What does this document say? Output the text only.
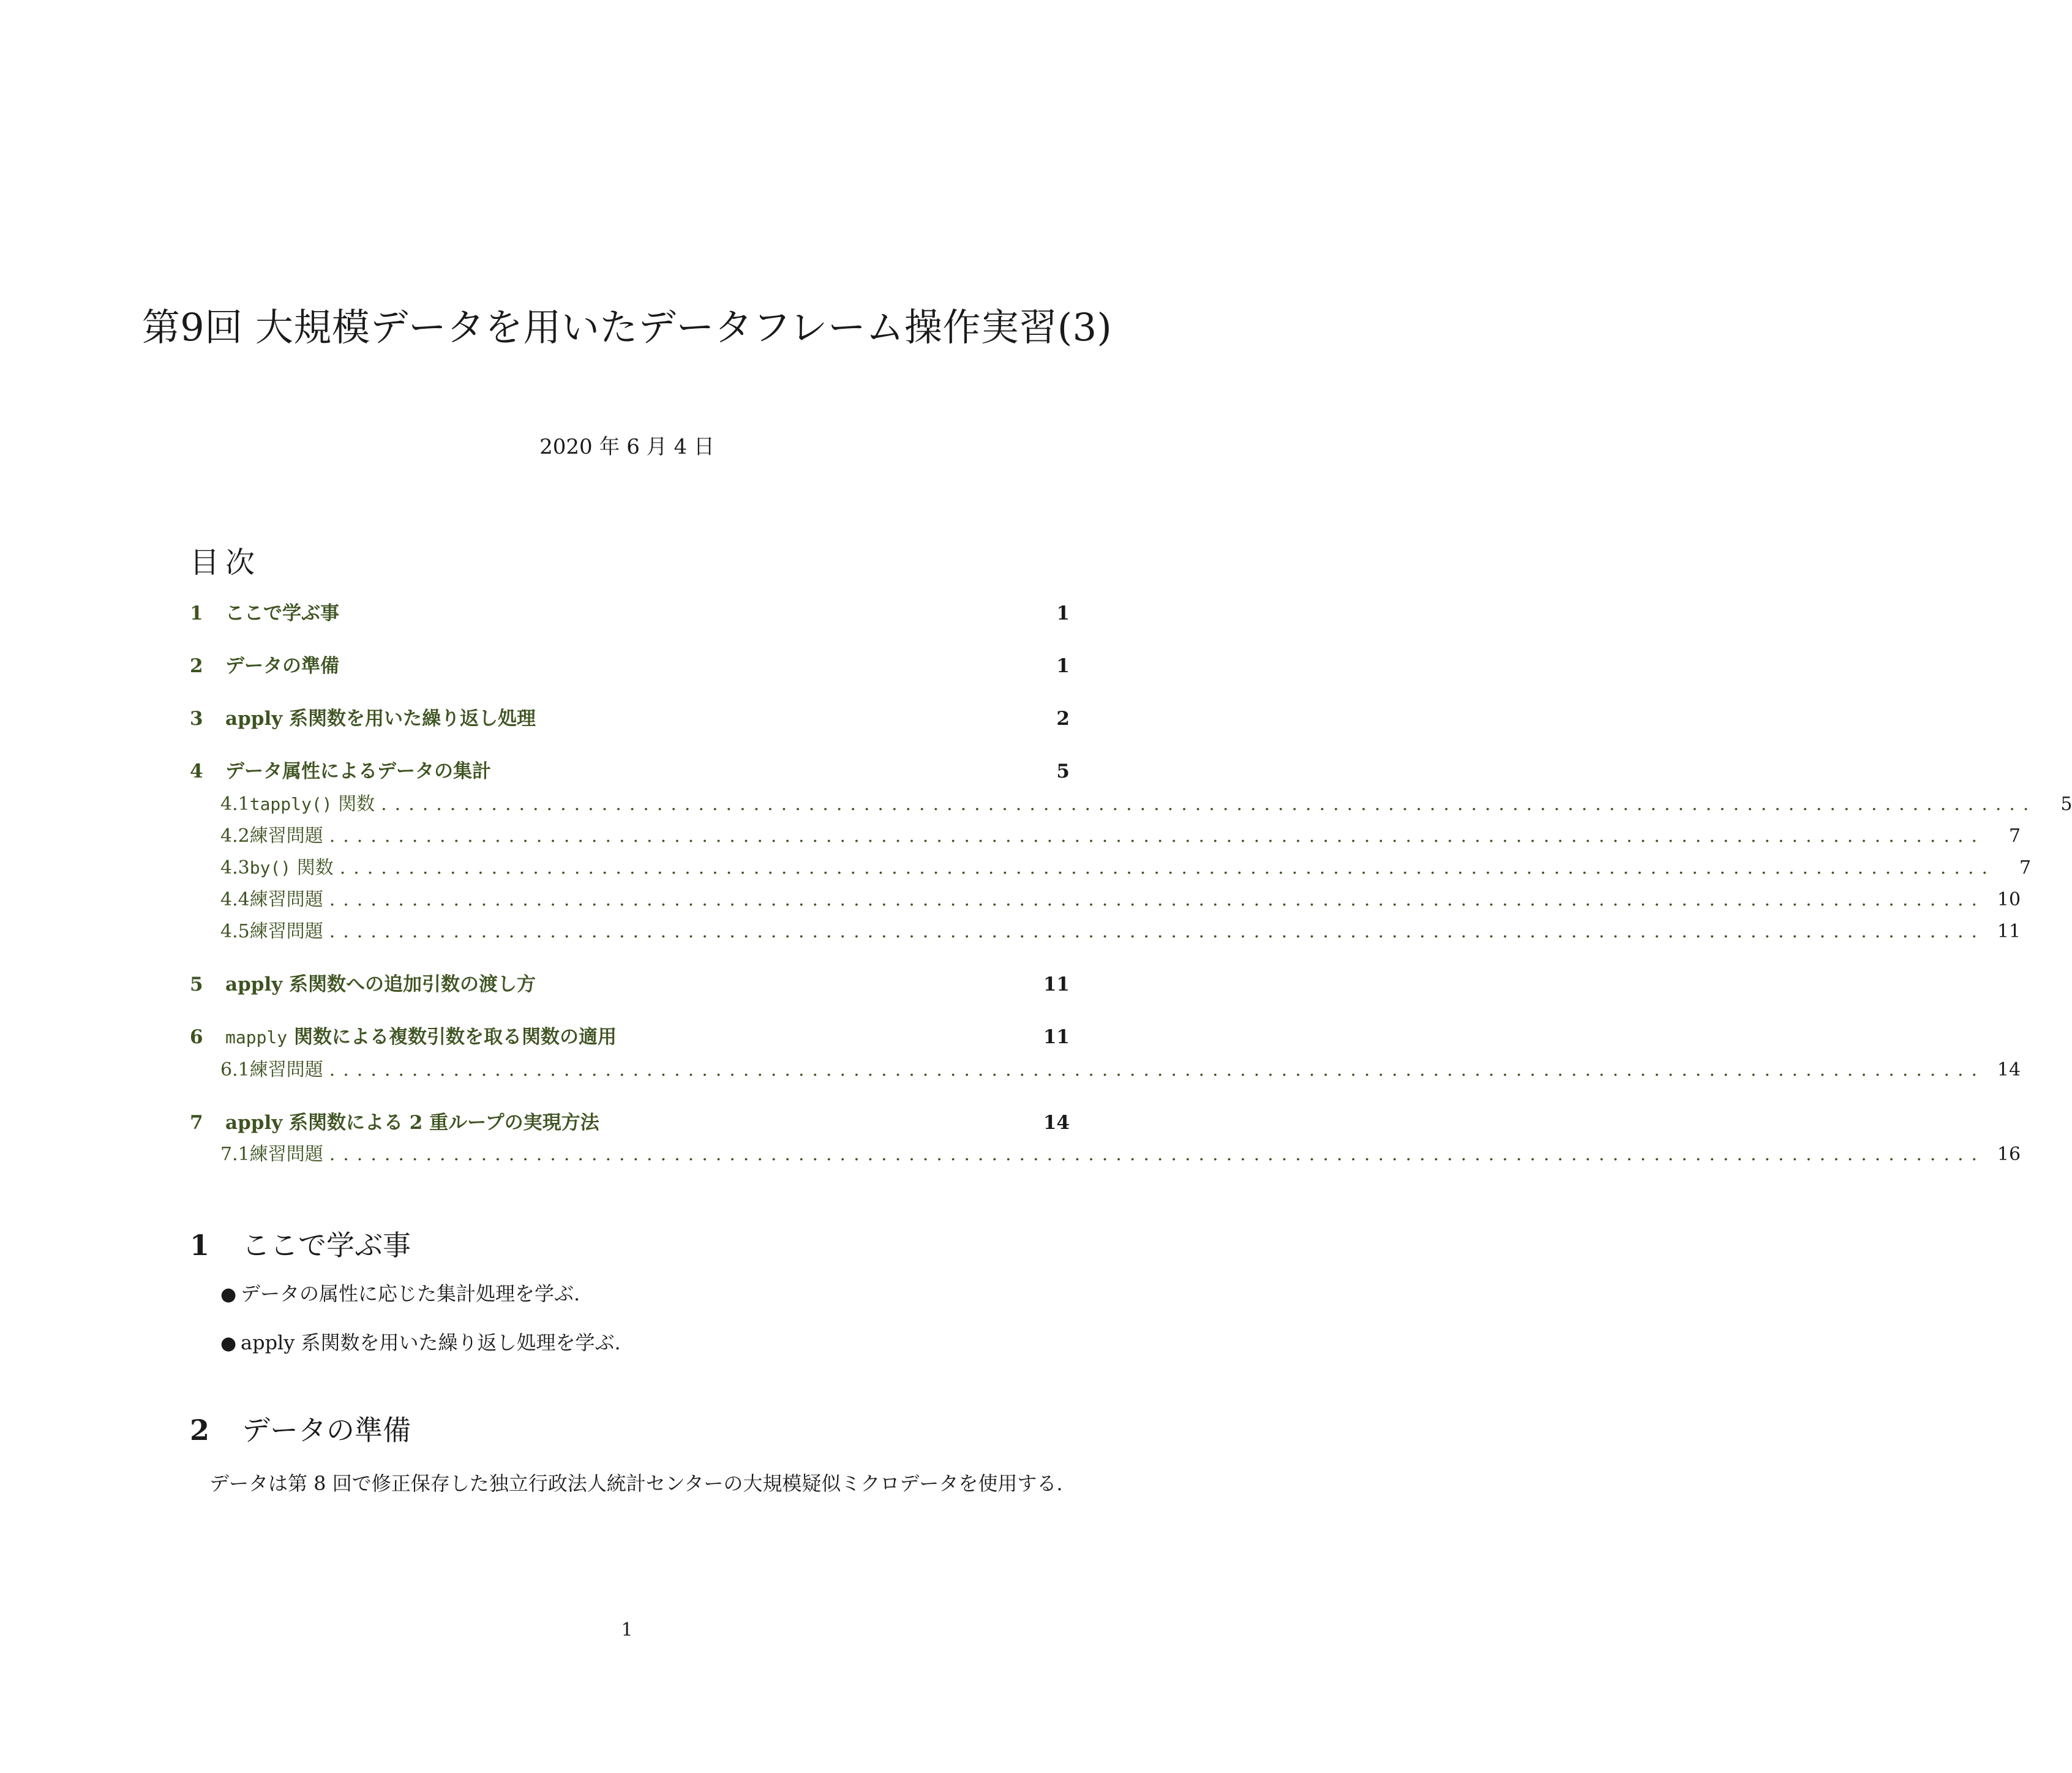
第9回 大規模データを用いたデータフレーム操作実習(3)
2020 年 6 月 4 日
目次
1	ここで学ぶ事	1
2	データの準備	1
3	apply 系関数を用いた繰り返し処理	2
4	データ属性によるデータの集計	5
4.1 tapply() 関数 ........................................................................................................................	5
4.2 練習問題 ........................................................................................................................	7
4.3 by() 関数 ........................................................................................................................	7
4.4 練習問題 ........................................................................................................................ 10
4.5 練習問題 ........................................................................................................................ 11
5	apply 系関数への追加引数の渡し方	11
6	mapply 関数による複数引数を取る関数の適用	11
6.1 練習問題 ........................................................................................................................ 14
7	apply 系関数による 2 重ループの実現方法	14
7.1 練習問題 ........................................................................................................................ 16
1 ここで学ぶ事
● データの属性に応じた集計処理を学ぶ.
● apply 系関数を用いた繰り返し処理を学ぶ.
2 データの準備
データは第 8 回で修正保存した独立行政法人統計センターの大規模疑似ミクロデータを使用する.
1
